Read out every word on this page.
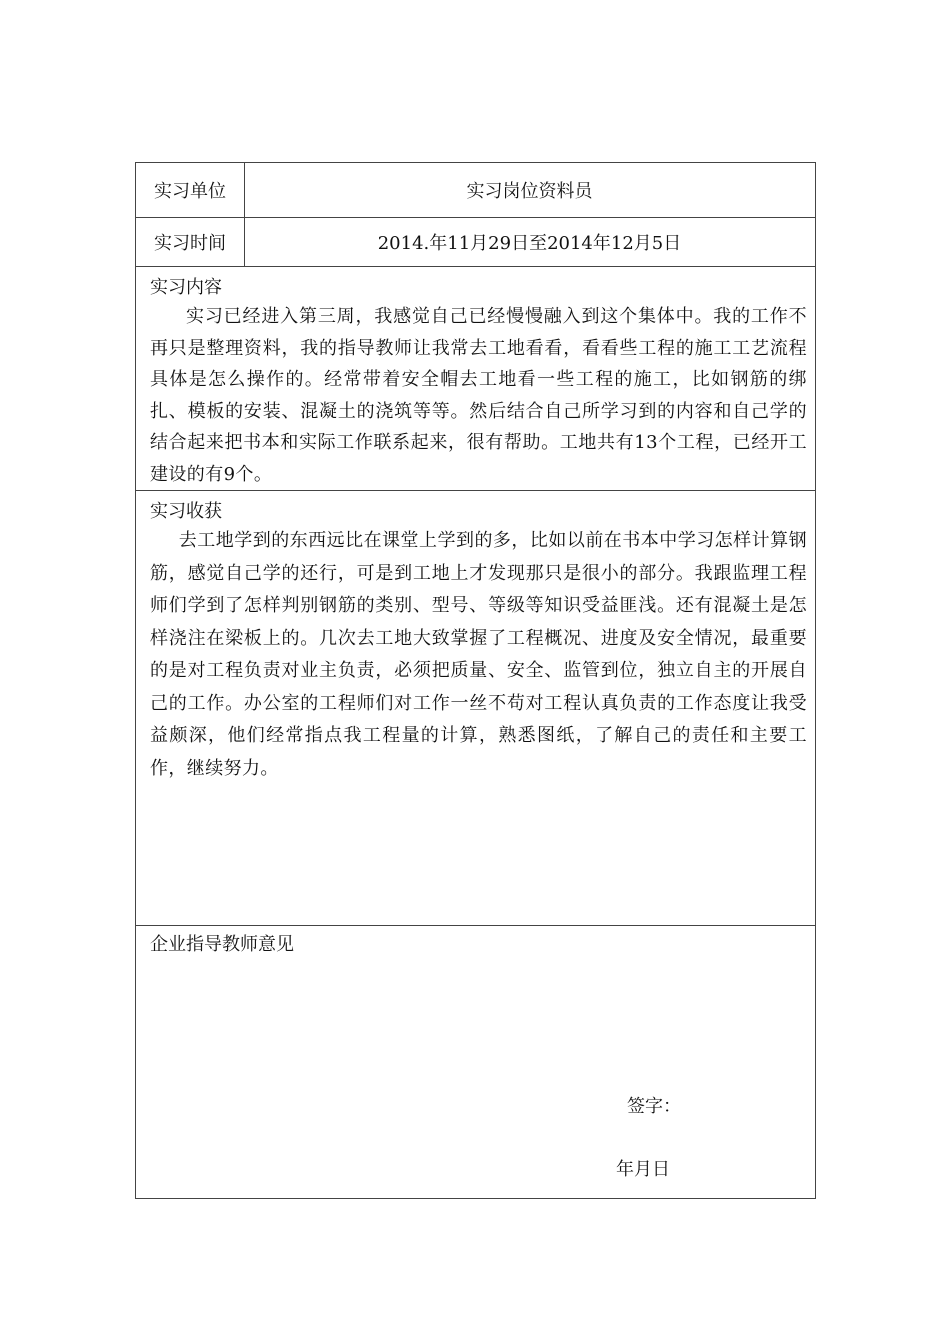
实习单位	实习岗位资料员
实习时间	2014.年11月29日至2014年12月5日
实习内容
实习已经进入第三周，我感觉自己已经慢慢融入到这个集体中。我的工作不再只是整理资料，我的指导教师让我常去工地看看，看看些工程的施工工艺流程具体是怎么操作的。经常带着安全帽去工地看一些工程的施工，比如钢筋的绑扎、模板的安装、混凝土的浇筑等等。然后结合自己所学习到的内容和自己学的结合起来把书本和实际工作联系起来，很有帮助。工地共有13个工程，已经开工建设的有9个。
实习收获
去工地学到的东西远比在课堂上学到的多，比如以前在书本中学习怎样计算钢筋，感觉自己学的还行，可是到工地上才发现那只是很小的部分。我跟监理工程师们学到了怎样判别钢筋的类别、型号、等级等知识受益匪浅。还有混凝土是怎样浇注在梁板上的。几次去工地大致掌握了工程概况、进度及安全情况，最重要的是对工程负责对业主负责，必须把质量、安全、监管到位，独立自主的开展自己的工作。办公室的工程师们对工作一丝不苟对工程认真负责的工作态度让我受益颇深，他们经常指点我工程量的计算，熟悉图纸，了解自己的责任和主要工作，继续努力。
企业指导教师意见
签字：
年月日
